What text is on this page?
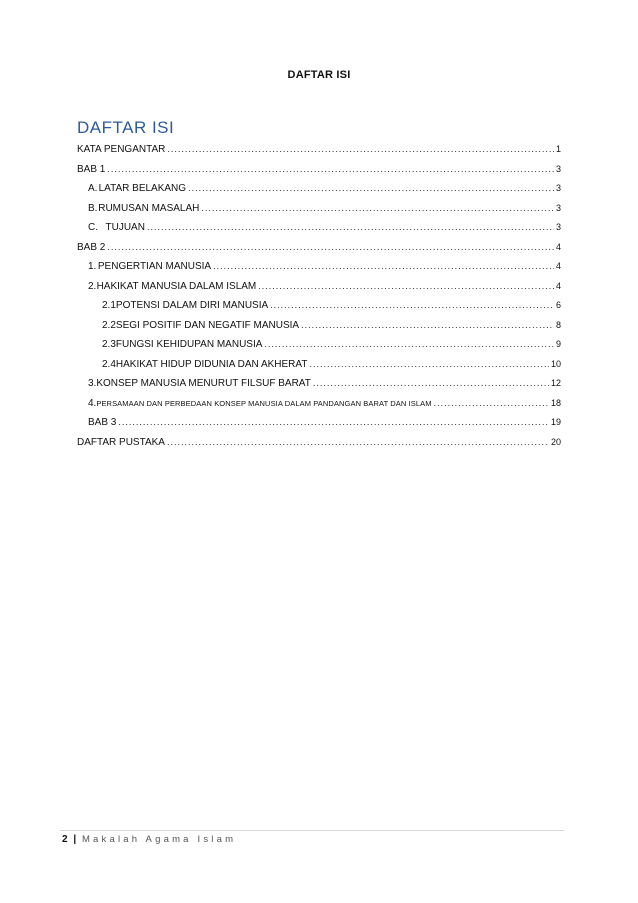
DAFTAR ISI
DAFTAR ISI
KATA PENGANTAR .....	1
BAB 1 .....	3
A. LATAR BELAKANG .....	3
B. RUMUSAN MASALAH .....	3
C. TUJUAN .....	3
BAB 2 .....	4
1. PENGERTIAN MANUSIA .....	4
2. HAKIKAT MANUSIA DALAM ISLAM .....	4
2.1 POTENSI DALAM DIRI MANUSIA .....	6
2.2 SEGI POSITIF DAN NEGATIF MANUSIA .....	8
2.3 FUNGSI KEHIDUPAN MANUSIA .....	9
2.4 HAKIKAT HIDUP DIDUNIA DAN AKHERAT .....	10
3. KONSEP MANUSIA MENURUT FILSUF BARAT .....	12
4. PERSAMAAN DAN PERBEDAAN KONSEP MANUSIA DALAM PANDANGAN BARAT DAN ISLAM .....	18
BAB 3 .....	19
DAFTAR PUSTAKA .....	20
2 | Makalah Agama Islam
